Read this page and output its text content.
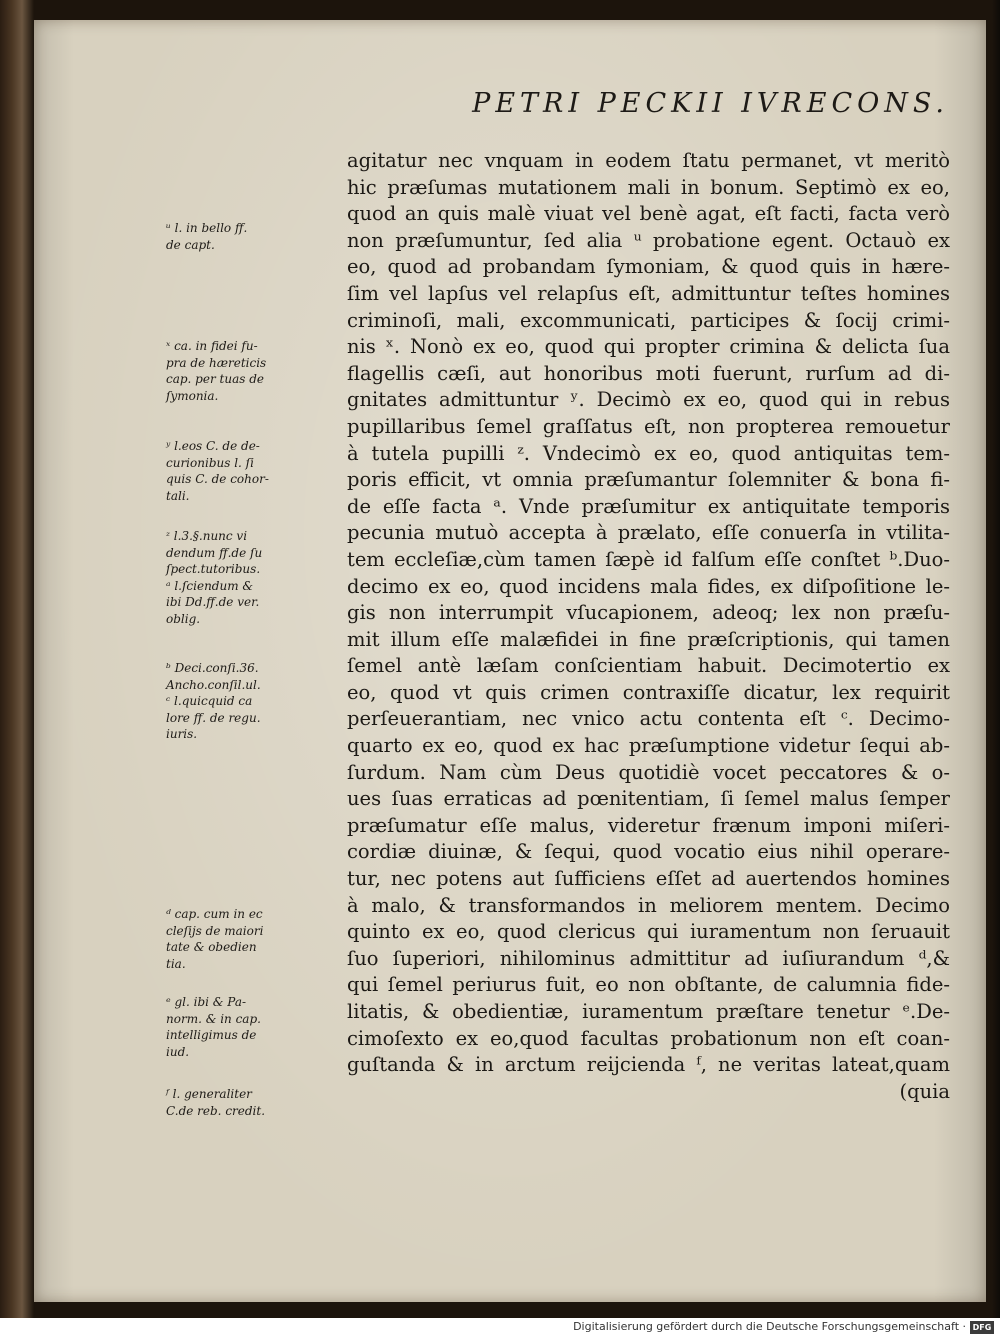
PETRI PECKII IVRECONS.
agitatur nec vnquam in eodem ſtatu permanet, vt meritò
hic præſumas mutationem mali in bonum. Septimò ex eo,
quod an quis malè viuat vel benè agat, eſt facti, facta verò
non præſumuntur, ſed alia ᵘ probatione egent. Octauò ex
eo, quod ad probandam ſymoniam, & quod quis in hære-
ſim vel lapſus vel relapſus eſt, admittuntur teſtes homines
criminoſi, mali, excommunicati, participes & ſocij crimi-
nis ˣ. Nonò ex eo, quod qui propter crimina & delicta ſua
flagellis cæſi, aut honoribus moti fuerunt, rurſum ad di-
gnitates admittuntur ʸ. Decimò ex eo, quod qui in rebus
pupillaribus ſemel graſſatus eſt, non propterea remouetur
à tutela pupilli ᶻ. Vndecimò ex eo, quod antiquitas tem-
poris efficit, vt omnia præſumantur ſolemniter & bona fi-
de eſſe facta ᵃ. Vnde præſumitur ex antiquitate temporis
pecunia mutuò accepta à prælato, eſſe conuerſa in vtilita-
tem eccleſiæ,cùm tamen ſæpè id falſum eſſe conſtet ᵇ.Duo-
decimo ex eo, quod incidens mala fides, ex diſpoſitione le-
gis non interrumpit vſucapionem, adeoq; lex non præſu-
mit illum eſſe malæfidei in fine præſcriptionis, qui tamen
ſemel antè læſam conſcientiam habuit. Decimotertio ex
eo, quod vt quis crimen contraxiſſe dicatur, lex requirit
perſeuerantiam, nec vnico actu contenta eſt ᶜ. Decimo-
quarto ex eo, quod ex hac præſumptione videtur ſequi ab-
ſurdum. Nam cùm Deus quotidiè vocet peccatores & o-
ues ſuas erraticas ad pœnitentiam, ſi ſemel malus ſemper
præſumatur eſſe malus, videretur frænum imponi miſeri-
cordiæ diuinæ, & ſequi, quod vocatio eius nihil operare-
tur, nec potens aut ſufficiens eſſet ad auertendos homines
à malo, & transformandos in meliorem mentem. Decimo
quinto ex eo, quod clericus qui iuramentum non ſeruauit
ſuo ſuperiori, nihilominus admittitur ad iuſiurandum ᵈ,&
qui ſemel periurus fuit, eo non obſtante, de calumnia fide-
litatis, & obedientiæ, iuramentum præſtare tenetur ᵉ.De-
cimoſexto ex eo,quod facultas probationum non eſt coan-
guſtanda & in arctum reijcienda ᶠ, ne veritas lateat,quam
(quia
ᵘ l. in bello ff.
de capt.
ˣ ca. in fidei fu-
pra de hæreticis
cap. per tuas de
ſymonia.
ʸ l.eos C. de de-
curionibus l. ſi
quis C. de cohor-
tali.
ᶻ l.3.§.nunc vi
dendum ff.de ſu
ſpect.tutoribus.
ᵃ l.ſciendum &
ibi Dd.ff.de ver.
oblig.
ᵇ Deci.conſi.36.
Ancho.conſil.ul.
ᶜ l.quicquid ca
lore ff. de regu.
iuris.
ᵈ cap. cum in ec
cleſijs de maiori
tate & obedien
tia.
ᵉ gl. ibi & Pa-
norm. & in cap.
intelligimus de
iud.
ᶠ l. generaliter
C.de reb. credit.
Digitalisierung gefördert durch die Deutsche Forschungsgemeinschaft · DFG
